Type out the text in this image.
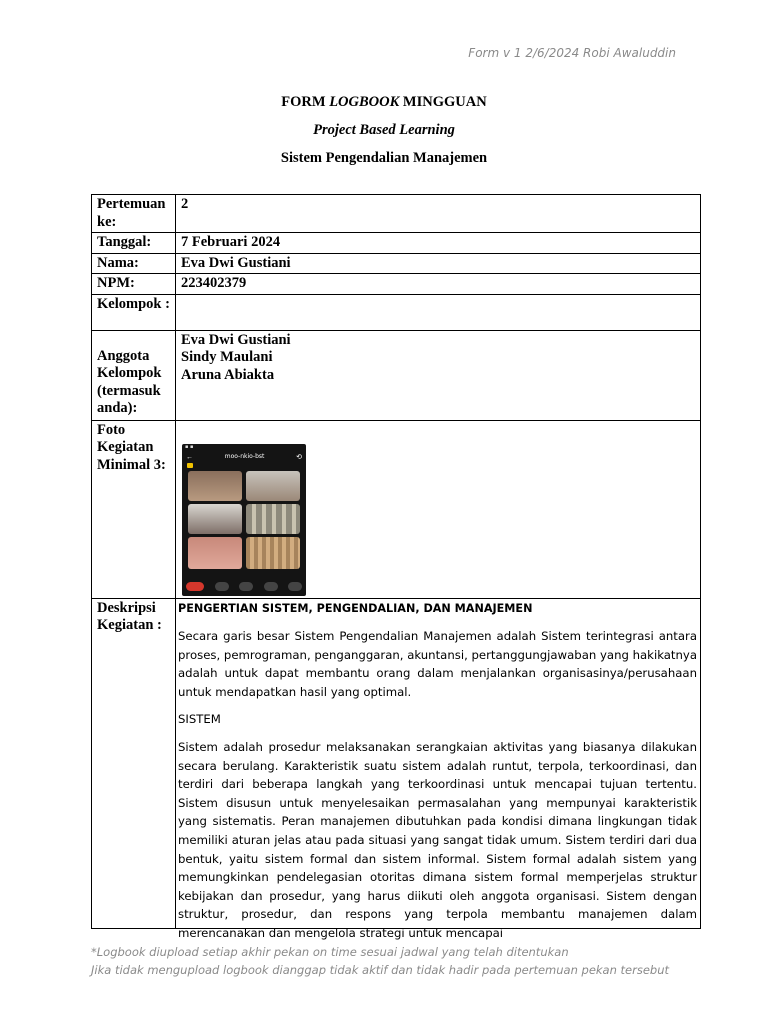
Form v 1 2/6/2024 Robi Awaluddin

FORM LOGBOOK MINGGUAN

Project Based Learning

Sistem Pengendalian Manajemen

Pertemuan ke:	2
Tanggal:	7 Februari 2024
Nama:	Eva Dwi Gustiani
NPM:	223402379
Kelompok :	
Anggota Kelompok (termasuk anda):	Eva Dwi Gustiani
Sindy Maulani
Aruna Abiakta

Foto Kegiatan Minimal 3:	▪ ▪
← moo-nkio-bst ⟲

Deskripsi Kegiatan :	PENGERTIAN SISTEM, PENGENDALIAN, DAN MANAJEMEN

Secara garis besar Sistem Pengendalian Manajemen adalah Sistem terintegrasi antara proses, pemrograman, penganggaran, akuntansi, pertanggungjawaban yang hakikatnya adalah untuk dapat membantu orang dalam menjalankan organisasinya/perusahaan untuk mendapatkan hasil yang optimal.

SISTEM

Sistem adalah prosedur melaksanakan serangkaian aktivitas yang biasanya dilakukan secara berulang. Karakteristik suatu sistem adalah runtut, terpola, terkoordinasi, dan terdiri dari beberapa langkah yang terkoordinasi untuk mencapai tujuan tertentu. Sistem disusun untuk menyelesaikan permasalahan yang mempunyai karakteristik yang sistematis. Peran manajemen dibutuhkan pada kondisi dimana lingkungan tidak memiliki aturan jelas atau pada situasi yang sangat tidak umum. Sistem terdiri dari dua bentuk, yaitu sistem formal dan sistem informal. Sistem formal adalah sistem yang memungkinkan pendelegasian otoritas dimana sistem formal memperjelas struktur kebijakan dan prosedur, yang harus diikuti oleh anggota organisasi. Sistem dengan struktur, prosedur, dan respons yang terpola membantu manajemen dalam merencanakan dan mengelola strategi untuk mencapai

*Logbook diupload setiap akhir pekan on time sesuai jadwal yang telah ditentukan
Jika tidak mengupload logbook dianggap tidak aktif dan tidak hadir pada pertemuan pekan tersebut
